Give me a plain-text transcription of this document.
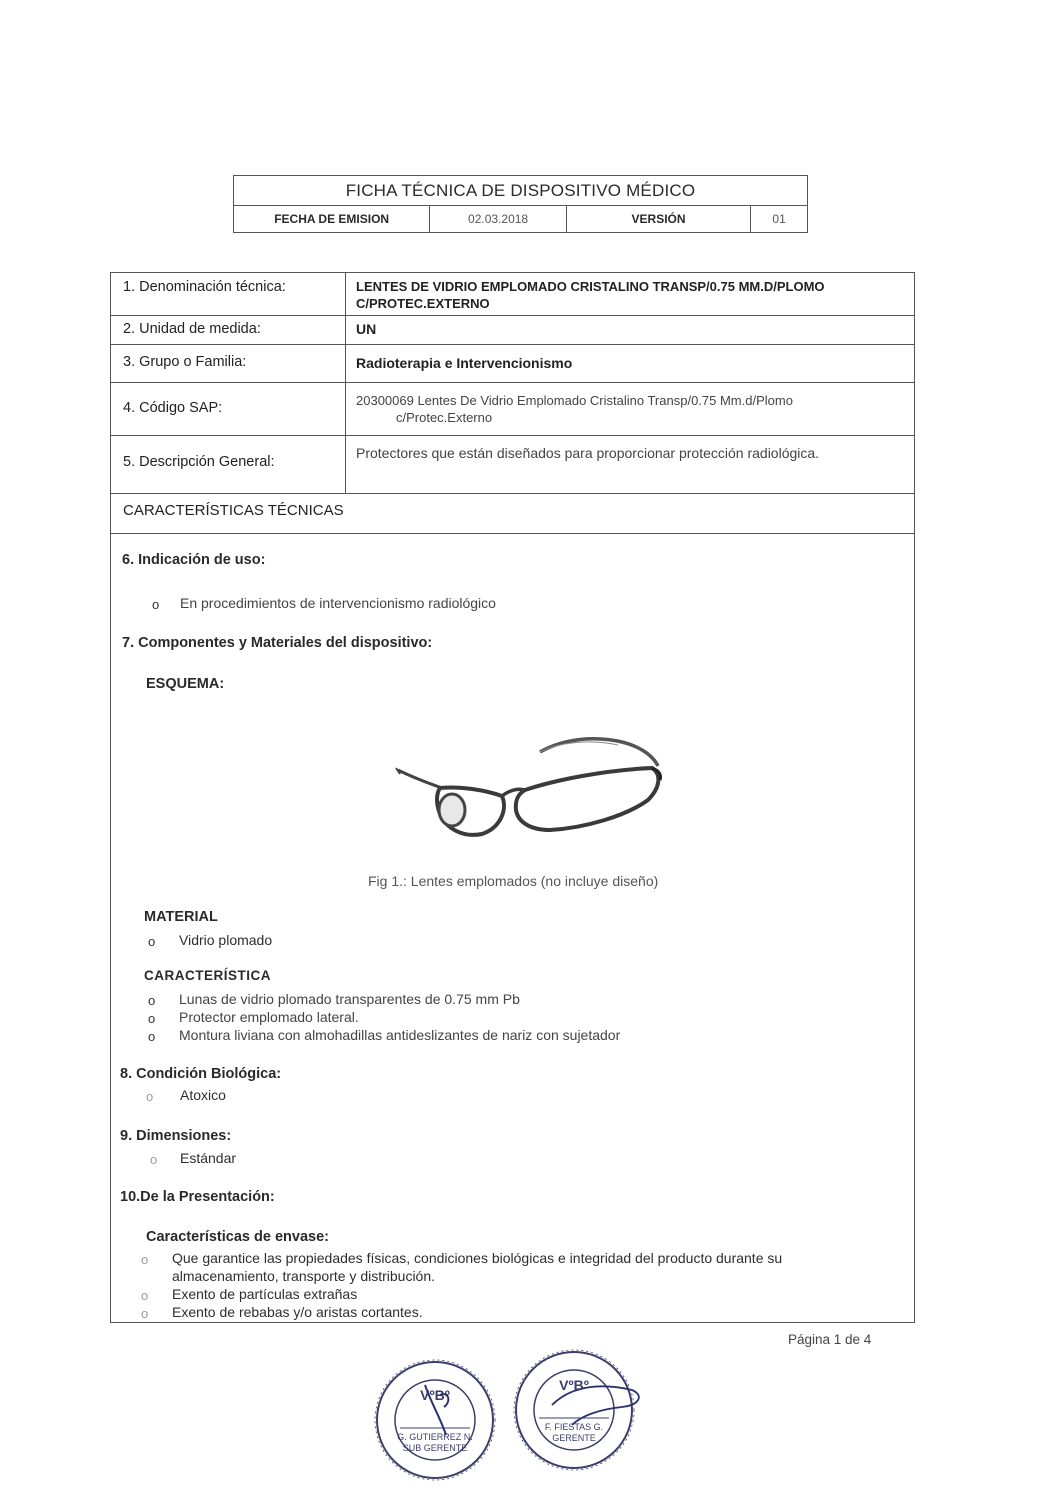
FICHA TÉCNICA DE DISPOSITIVO MÉDICO
FECHA DE EMISION	02.03.2018	VERSIÓN	01
1. Denominación técnica:	LENTES DE VIDRIO EMPLOMADO CRISTALINO TRANSP/0.75 MM.D/PLOMO
C/PROTEC.EXTERNO
2. Unidad de medida:	UN
3. Grupo o Familia:	Radioterapia e Intervencionismo
4. Código SAP:	20300069 Lentes De Vidrio Emplomado Cristalino Transp/0.75 Mm.d/Plomo
c/Protec.Externo
5. Descripción General:
Protectores que están diseñados para proporcionar protección radiológica.
CARACTERÍSTICAS TÉCNICAS
6. Indicación de uso:
o En procedimientos de intervencionismo radiológico
7. Componentes y Materiales del dispositivo:
ESQUEMA:
Fig 1.: Lentes emplomados (no incluye diseño)
MATERIAL
o Vidrio plomado
CARACTERÍSTICA
o Lunas de vidrio plomado transparentes de 0.75 mm Pb
o Protector emplomado lateral.
o Montura liviana con almohadillas antideslizantes de nariz con sujetador
8. Condición Biológica:
o Atoxico
9. Dimensiones:
o Estándar
10.De la Presentación:
Características de envase:
o Que garantice las propiedades físicas, condiciones biológicas e integridad del producto durante su
almacenamiento, transporte y distribución.
o Exento de partículas extrañas
o Exento de rebabas y/o aristas cortantes.
Página 1 de 4
VºBº
G. GUTIERREZ N.
SUB GERENTE
VºBº
F. FIESTAS G.
GERENTE
